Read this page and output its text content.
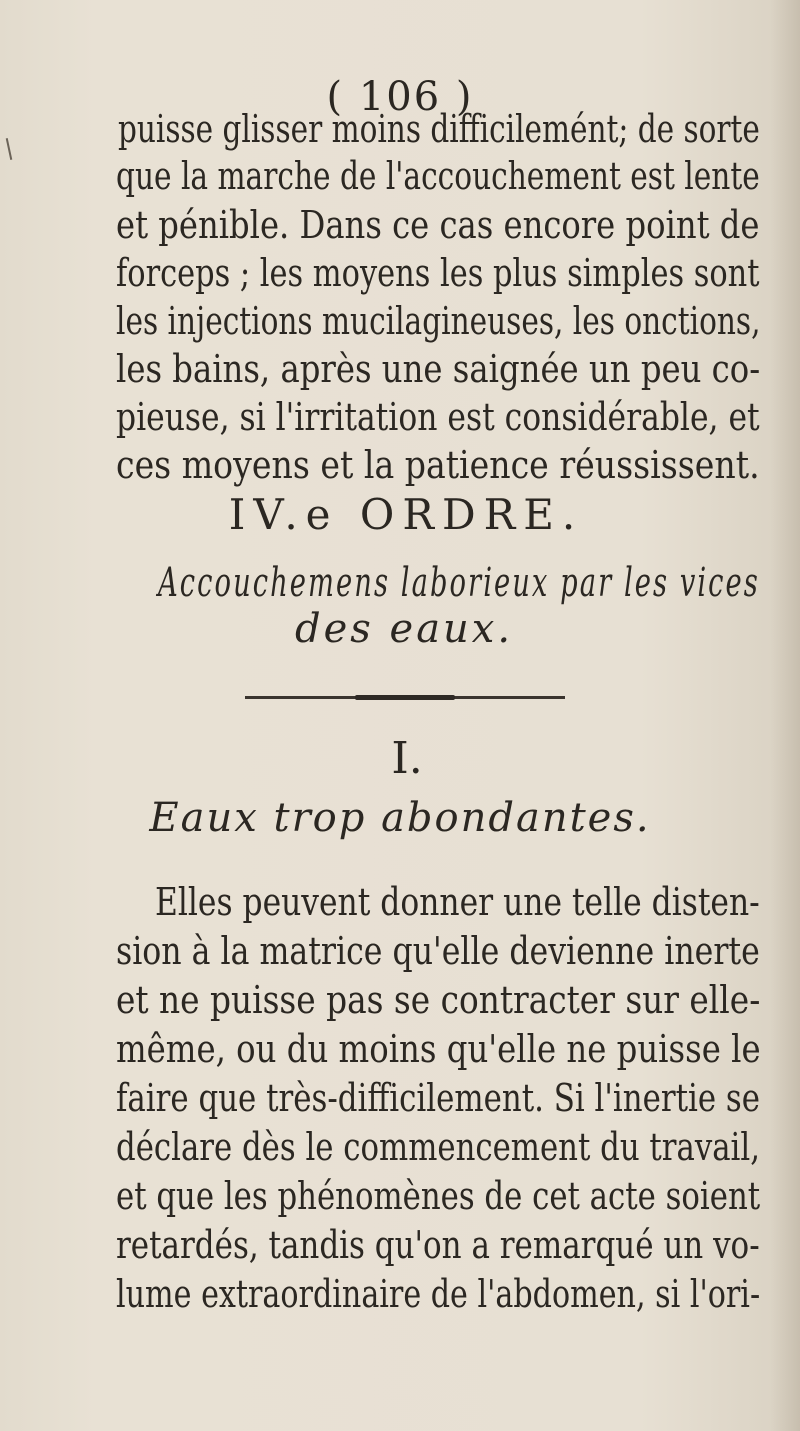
( 106 )
puisse glisser moins difficilemént; de sorte
que la marche de l'accouchement est lente
et pénible. Dans ce cas encore point de
forceps ; les moyens les plus simples sont
les injections mucilagineuses, les onctions,
les bains, après une saignée un peu co-
pieuse, si l'irritation est considérable, et
ces moyens et la patience réussissent.
IV.e ORDRE.
Accouchemens laborieux par les vices
des eaux.
I.
Eaux trop abondantes.
Elles peuvent donner une telle disten-
sion à la matrice qu'elle devienne inerte
et ne puisse pas se contracter sur elle-
même, ou du moins qu'elle ne puisse le
faire que très-difficilement. Si l'inertie se
déclare dès le commencement du travail,
et que les phénomènes de cet acte soient
retardés, tandis qu'on a remarqué un vo-
lume extraordinaire de l'abdomen, si l'ori-
